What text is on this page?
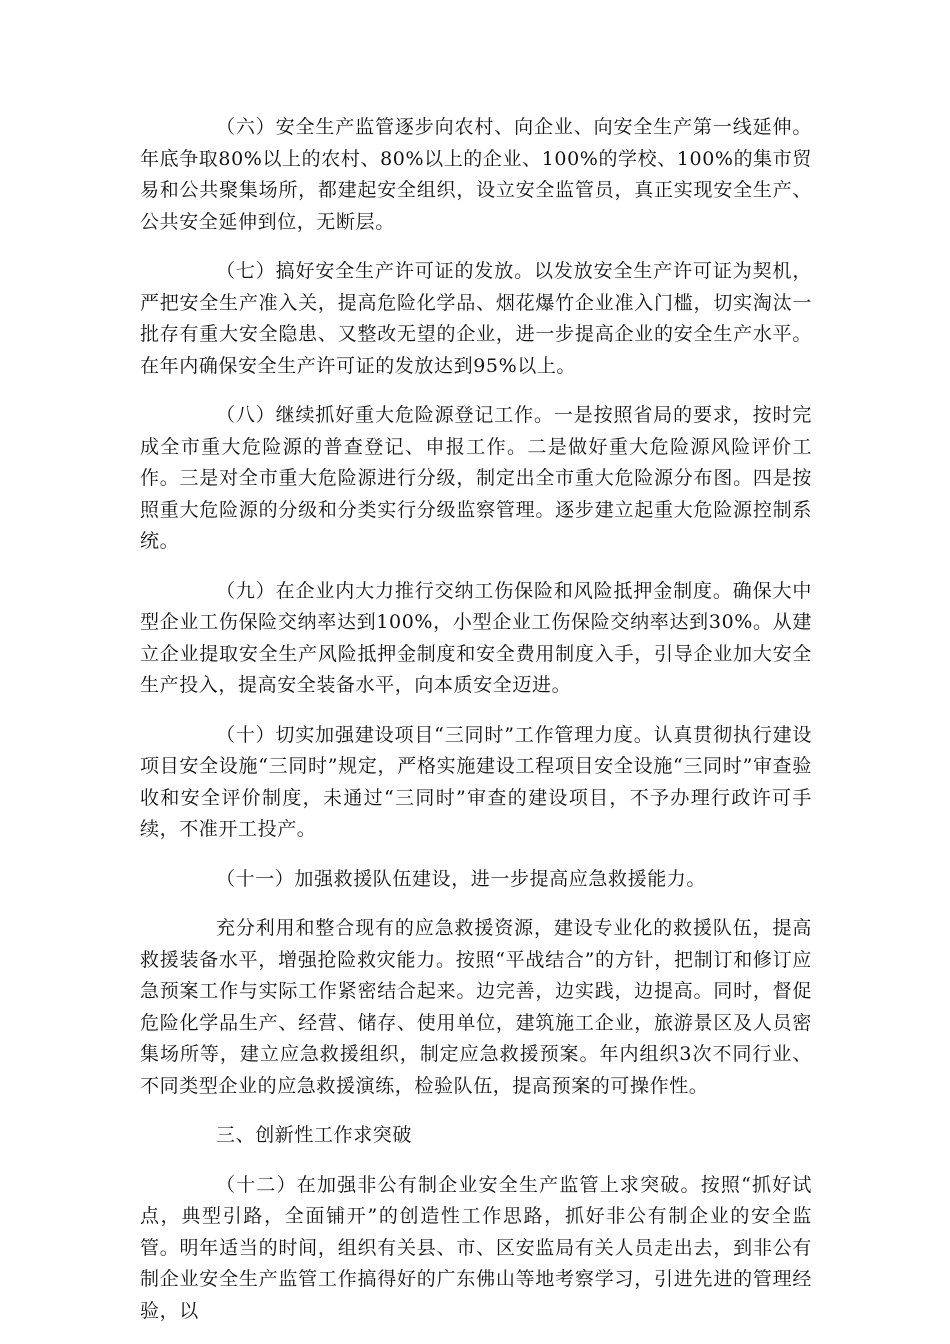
（六）安全生产监管逐步向农村、向企业、向安全生产第一线延伸。年底争取80%以上的农村、80%以上的企业、100%的学校、100%的集市贸易和公共聚集场所，都建起安全组织，设立安全监管员，真正实现安全生产、公共安全延伸到位，无断层。

（七）搞好安全生产许可证的发放。以发放安全生产许可证为契机，严把安全生产准入关，提高危险化学品、烟花爆竹企业准入门槛，切实淘汰一批存有重大安全隐患、又整改无望的企业，进一步提高企业的安全生产水平。在年内确保安全生产许可证的发放达到95%以上。

（八）继续抓好重大危险源登记工作。一是按照省局的要求，按时完成全市重大危险源的普查登记、申报工作。二是做好重大危险源风险评价工作。三是对全市重大危险源进行分级，制定出全市重大危险源分布图。四是按照重大危险源的分级和分类实行分级监察管理。逐步建立起重大危险源控制系统。

（九）在企业内大力推行交纳工伤保险和风险抵押金制度。确保大中型企业工伤保险交纳率达到100%，小型企业工伤保险交纳率达到30%。从建立企业提取安全生产风险抵押金制度和安全费用制度入手，引导企业加大安全生产投入，提高安全装备水平，向本质安全迈进。

（十）切实加强建设项目“三同时”工作管理力度。认真贯彻执行建设项目安全设施“三同时”规定，严格实施建设工程项目安全设施“三同时”审查验收和安全评价制度，未通过“三同时”审查的建设项目，不予办理行政许可手续，不准开工投产。

（十一）加强救援队伍建设，进一步提高应急救援能力。

充分利用和整合现有的应急救援资源，建设专业化的救援队伍，提高救援装备水平，增强抢险救灾能力。按照“平战结合”的方针，把制订和修订应急预案工作与实际工作紧密结合起来。边完善，边实践，边提高。同时，督促危险化学品生产、经营、储存、使用单位，建筑施工企业，旅游景区及人员密集场所等，建立应急救援组织，制定应急救援预案。年内组织3次不同行业、不同类型企业的应急救援演练，检验队伍，提高预案的可操作性。

三、创新性工作求突破

（十二）在加强非公有制企业安全生产监管上求突破。按照“抓好试点，典型引路，全面铺开”的创造性工作思路，抓好非公有制企业的安全监管。明年适当的时间，组织有关县、市、区安监局有关人员走出去，到非公有制企业安全生产监管工作搞得好的广东佛山等地考察学习，引进先进的管理经验，以
